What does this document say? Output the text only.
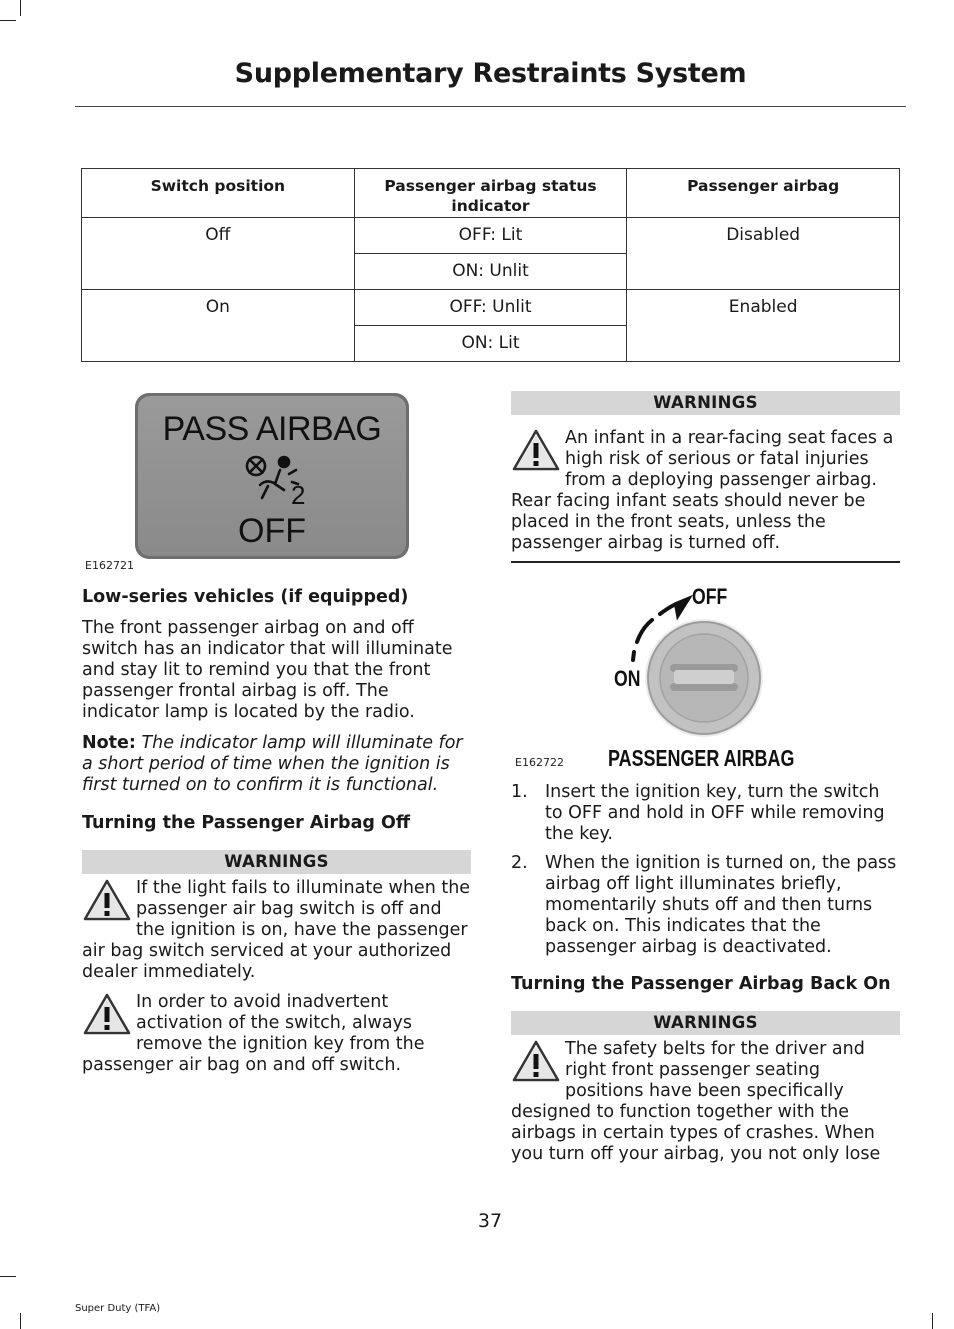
Supplementary Restraints System
Switch position	Passenger airbag status indicator	Passenger airbag
Off	OFF: Lit	Disabled
	ON: Unlit	
On	OFF: Unlit	Enabled
	ON: Lit	
PASS AIRBAG
2
OFF
E162721

Low-series vehicles (if equipped)

The front passenger airbag on and off switch has an indicator that will illuminate and stay lit to remind you that the front passenger frontal airbag is off. The indicator lamp is located by the radio.

Note: The indicator lamp will illuminate for a short period of time when the ignition is first turned on to confirm it is functional.

Turning the Passenger Airbag Off

WARNINGS

If the light fails to illuminate when the passenger air bag switch is off and the ignition is on, have the passenger air bag switch serviced at your authorized dealer immediately.

In order to avoid inadvertent activation of the switch, always remove the ignition key from the passenger air bag on and off switch.

WARNINGS

An infant in a rear-facing seat faces a high risk of serious or fatal injuries from a deploying passenger airbag. Rear facing infant seats should never be placed in the front seats, unless the passenger airbag is turned off.

OFF
ON
E162722 PASSENGER AIRBAG
1. Insert the ignition key, turn the switch to OFF and hold in OFF while removing the key.
2. When the ignition is turned on, the pass airbag off light illuminates briefly, momentarily shuts off and then turns back on. This indicates that the passenger airbag is deactivated.

Turning the Passenger Airbag Back On

WARNINGS

The safety belts for the driver and right front passenger seating positions have been specifically designed to function together with the airbags in certain types of crashes. When you turn off your airbag, you not only lose

37
Super Duty (TFA)
